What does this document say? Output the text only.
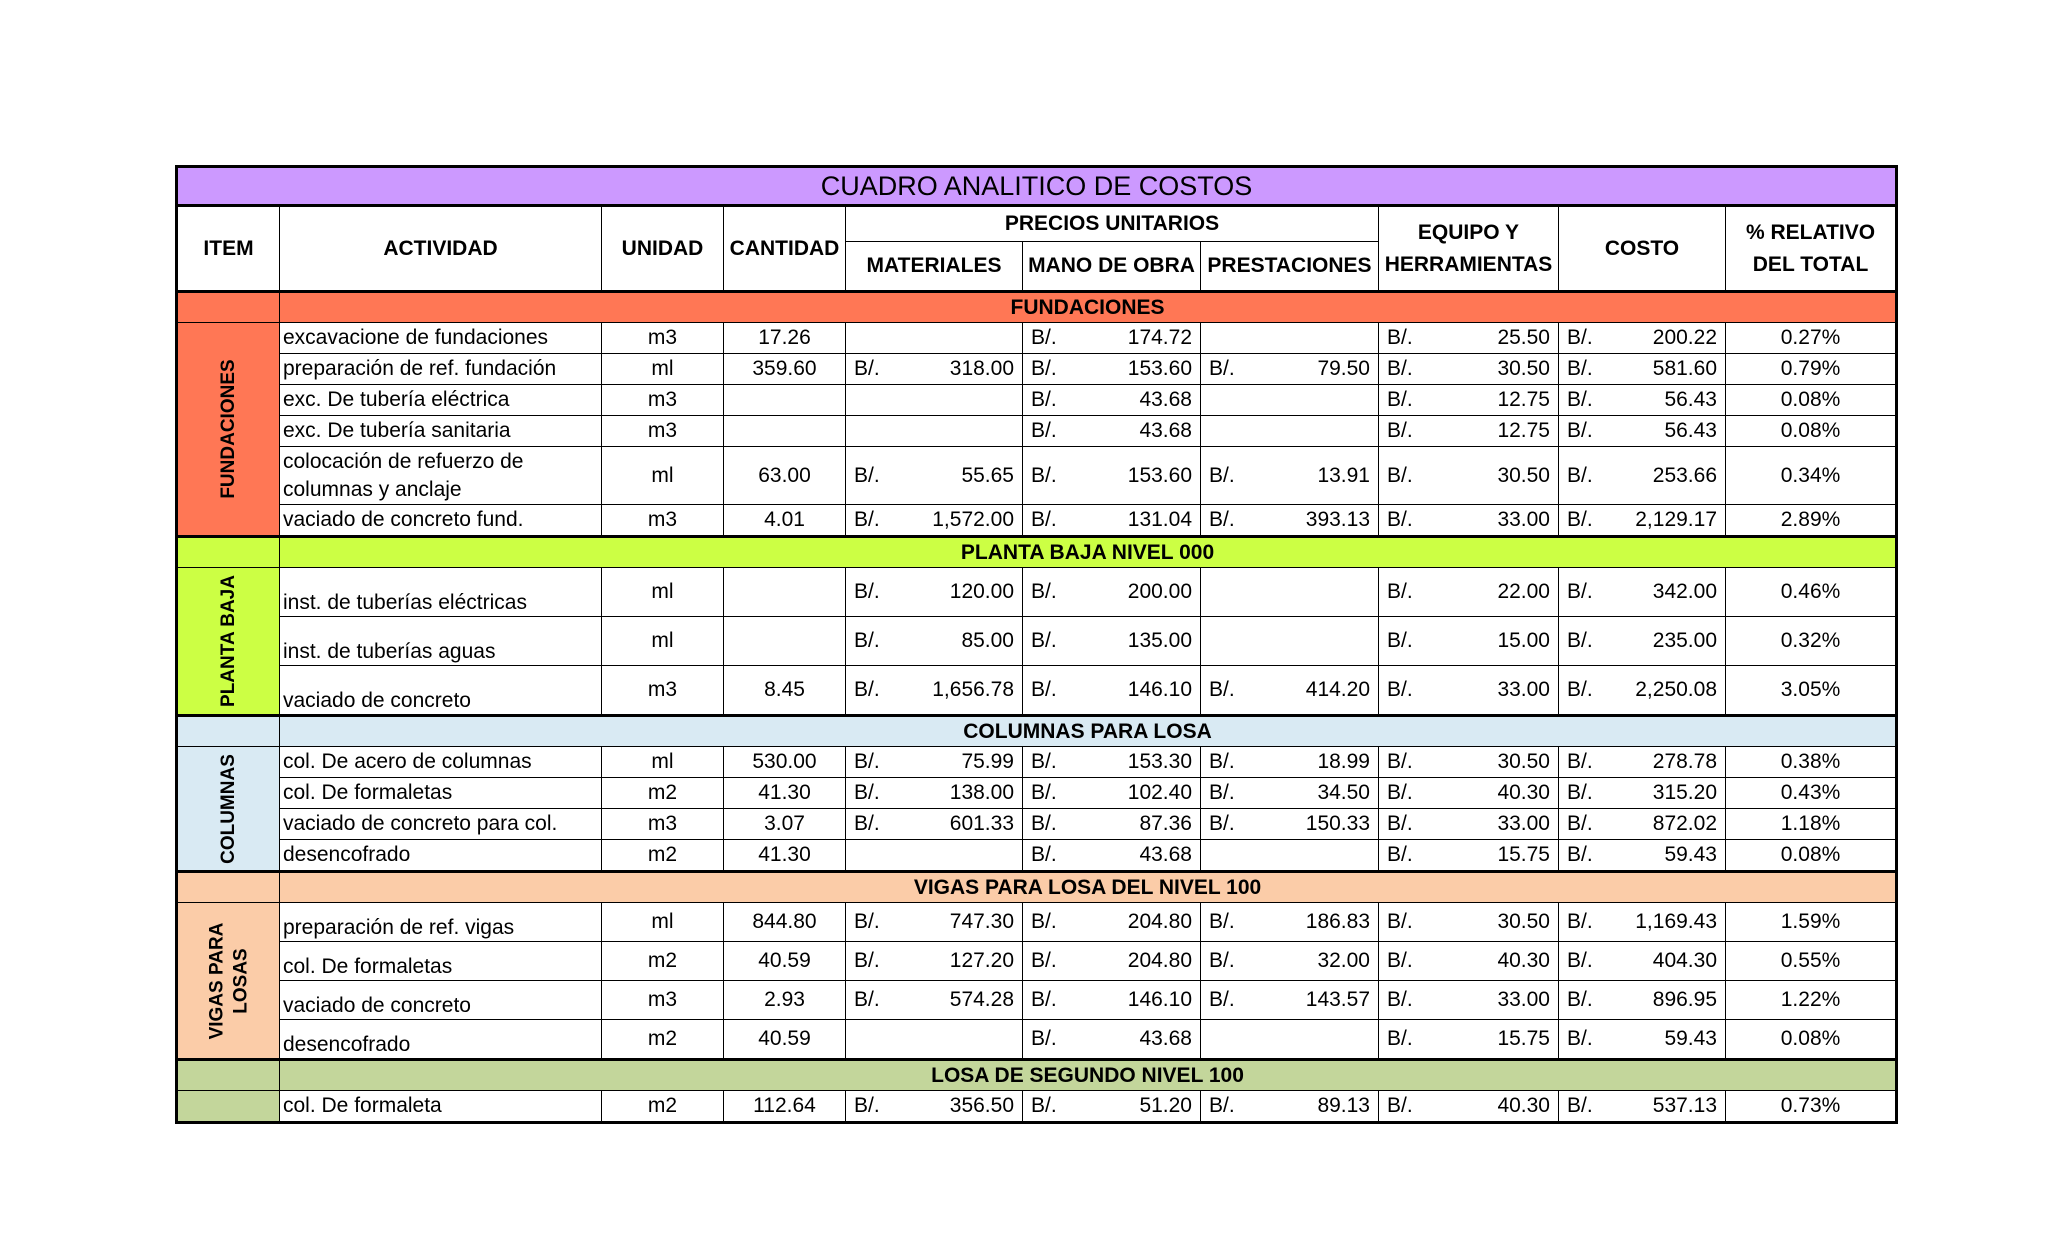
CUADRO ANALITICO DE COSTOS									
ITEM	ACTIVIDAD	UNIDAD	CANTIDAD	PRECIOS UNITARIOS			EQUIPO Y
HERRAMIENTAS	COSTO	% RELATIVO
DEL TOTAL
				MATERIALES	MANO DE OBRA	PRESTACIONES			
	FUNDACIONES								

FUNDACIONES	excavacione de fundaciones	m3	17.26		B/. 174.72		B/. 25.50	B/. 200.22	0.27%
	preparación de ref. fundación	ml	359.60	B/. 318.00	B/. 153.60	B/. 79.50	B/. 30.50	B/. 581.60	0.79%
	exc. De tubería eléctrica	m3			B/. 43.68		B/. 12.75	B/. 56.43	0.08%
	exc. De tubería sanitaria	m3			B/. 43.68		B/. 12.75	B/. 56.43	0.08%
	colocación de refuerzo de columnas y anclaje	ml	63.00	B/. 55.65	B/. 153.60	B/. 13.91	B/. 30.50	B/. 253.66	0.34%
	vaciado de concreto fund.	m3	4.01	B/. 1,572.00	B/. 131.04	B/. 393.13	B/. 33.00	B/. 2,129.17	2.89%
	PLANTA BAJA NIVEL 000								

PLANTA BAJA	inst. de tuberías eléctricas	ml		B/. 120.00	B/. 200.00		B/. 22.00	B/. 342.00	0.46%
	inst. de tuberías aguas	ml		B/. 85.00	B/. 135.00		B/. 15.00	B/. 235.00	0.32%
	vaciado de concreto	m3	8.45	B/. 1,656.78	B/. 146.10	B/. 414.20	B/. 33.00	B/. 2,250.08	3.05%
	COLUMNAS PARA LOSA								

COLUMNAS	col. De acero de columnas	ml	530.00	B/. 75.99	B/. 153.30	B/. 18.99	B/. 30.50	B/. 278.78	0.38%
	col. De formaletas	m2	41.30	B/. 138.00	B/. 102.40	B/. 34.50	B/. 40.30	B/. 315.20	0.43%
	vaciado de concreto para col.	m3	3.07	B/. 601.33	B/. 87.36	B/. 150.33	B/. 33.00	B/. 872.02	1.18%
	desencofrado	m2	41.30		B/. 43.68		B/. 15.75	B/. 59.43	0.08%
	VIGAS PARA LOSA DEL NIVEL 100								

VIGAS PARA LOSAS	preparación de ref. vigas	ml	844.80	B/. 747.30	B/. 204.80	B/. 186.83	B/. 30.50	B/. 1,169.43	1.59%
	col. De formaletas	m2	40.59	B/. 127.20	B/. 204.80	B/. 32.00	B/. 40.30	B/. 404.30	0.55%
	vaciado de concreto	m3	2.93	B/. 574.28	B/. 146.10	B/. 143.57	B/. 33.00	B/. 896.95	1.22%
	desencofrado	m2	40.59		B/. 43.68		B/. 15.75	B/. 59.43	0.08%
	LOSA DE SEGUNDO NIVEL 100								
	col. De formaleta	m2	112.64	B/. 356.50	B/. 51.20	B/. 89.13	B/. 40.30	B/. 537.13	0.73%
